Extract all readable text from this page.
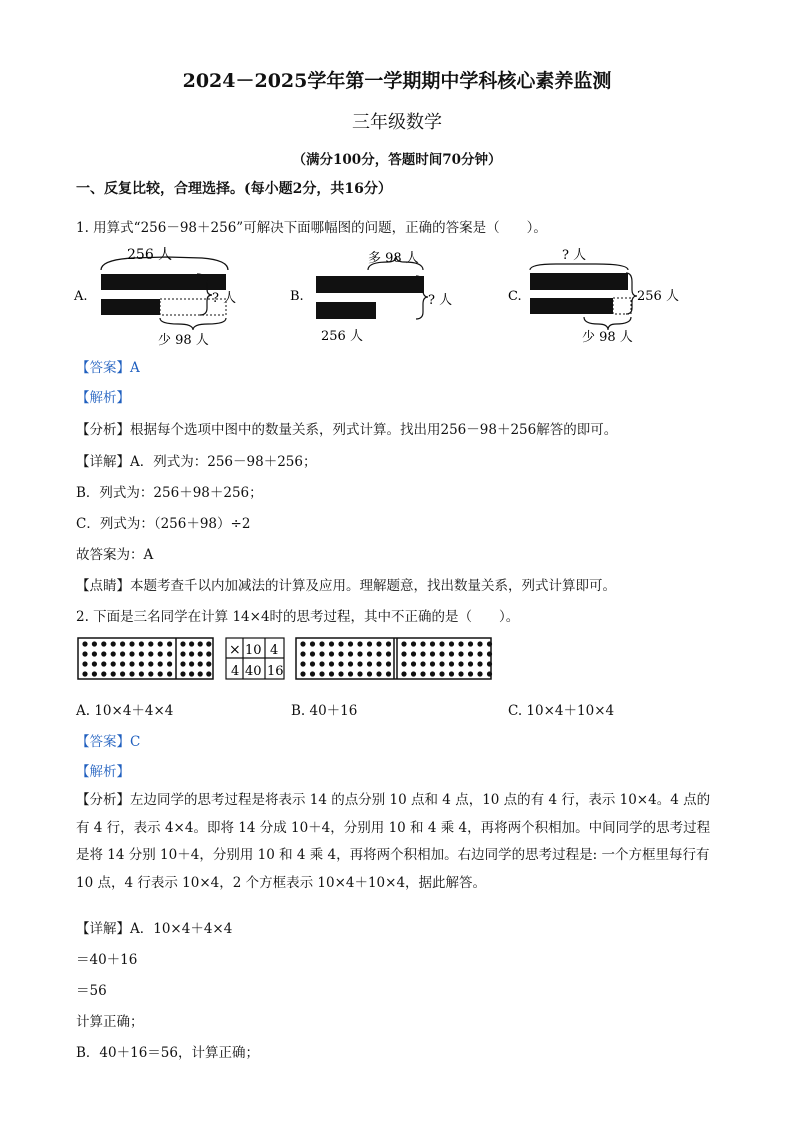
2024－2025学年第一学期期中学科核心素养监测
三年级数学
（满分100分，答题时间70分钟）
一、反复比较，合理选择。(每小题2分，共16分）
1. 用算式“256－98＋256”可解决下面哪幅图的问题，正确的答案是（　　）。
A.
256 人
? 人
少 98 人
B.
多 98 人
? 人
256 人
C.
? 人
256 人
少 98 人
【答案】A
【解析】
【分析】根据每个选项中图中的数量关系，列式计算。找出用256－98＋256解答的即可。
【详解】A．列式为：256－98＋256；
B．列式为：256＋98＋256；
C．列式为：（256＋98）÷2
故答案为：A
【点睛】本题考查千以内加减法的计算及应用。理解题意，找出数量关系，列式计算即可。
2. 下面是三名同学在计算 14×4时的思考过程，其中不正确的是（　　）。
× 10 4
4 40 16
A. 10×4＋4×4	B. 40＋16	C. 10×4＋10×4
【答案】C
【解析】
【分析】左边同学的思考过程是将表示 14 的点分别 10 点和 4 点，10 点的有 4 行，表示 10×4。4 点的有 4 行，表示 4×4。即将 14 分成 10＋4，分别用 10 和 4 乘 4，再将两个积相加。中间同学的思考过程是将 14 分别 10＋4，分别用 10 和 4 乘 4，再将两个积相加。右边同学的思考过程是: 一个方框里每行有 10 点，4 行表示 10×4，2 个方框表示 10×4＋10×4，据此解答。
【详解】A．10×4＋4×4
＝40＋16
＝56
计算正确；
B．40＋16＝56，计算正确；
